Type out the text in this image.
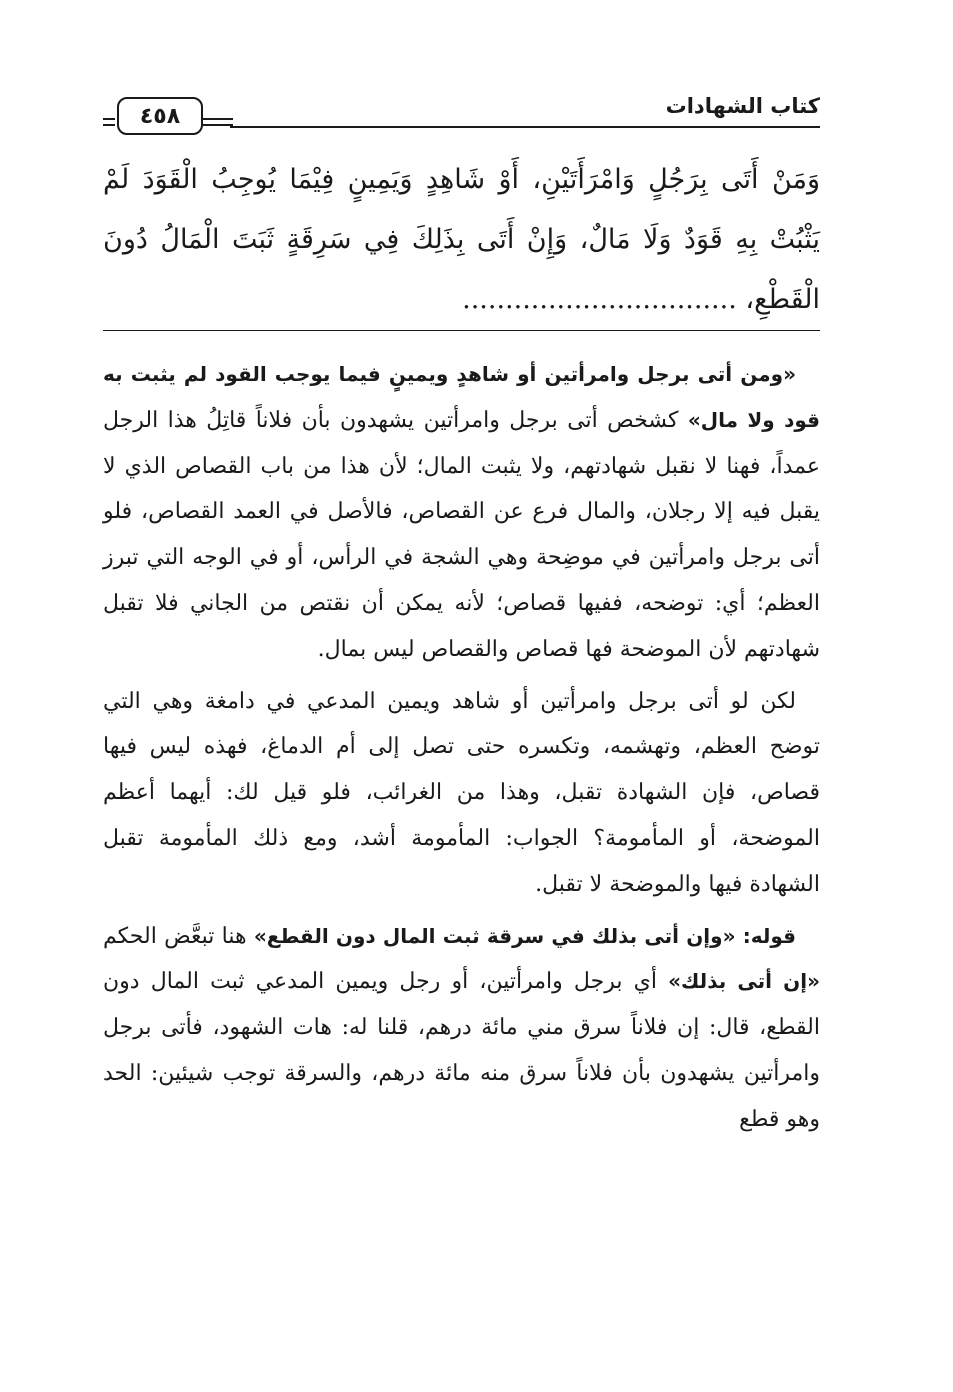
٤٥٨	كتاب الشهادات
وَمَنْ أَتَى بِرَجُلٍ وَامْرَأَتَيْنِ، أَوْ شَاهِدٍ وَيَمِينٍ فِيْمَا يُوجِبُ الْقَوَدَ لَمْ يَثْبُتْ بِهِ قَوَدٌ وَلَا مَالٌ، وَإِنْ أَتَى بِذَلِكَ فِي سَرِقَةٍ ثَبَتَ الْمَالُ دُونَ الْقَطْعِ، ................................

«ومن أتى برجل وامرأتين أو شاهدٍ ويمينٍ فيما يوجب القود لم يثبت به قود ولا مال» كشخص أتى برجل وامرأتين يشهدون بأن فلاناً قاتِلُ هذا الرجل عمداً، فهنا لا نقبل شهادتهم، ولا يثبت المال؛ لأن هذا من باب القصاص الذي لا يقبل فيه إلا رجلان، والمال فرع عن القصاص، فالأصل في العمد القصاص، فلو أتى برجل وامرأتين في موضِحة وهي الشجة في الرأس، أو في الوجه التي تبرز العظم؛ أي: توضحه، ففيها قصاص؛ لأنه يمكن أن نقتص من الجاني فلا تقبل شهادتهم لأن الموضحة فها قصاص والقصاص ليس بمال.

لكن لو أتى برجل وامرأتين أو شاهد ويمين المدعي في دامغة وهي التي توضح العظم، وتهشمه، وتكسره حتى تصل إلى أم الدماغ، فهذه ليس فيها قصاص، فإن الشهادة تقبل، وهذا من الغرائب، فلو قيل لك: أيهما أعظم الموضحة، أو المأمومة؟ الجواب: المأمومة أشد، ومع ذلك المأمومة تقبل الشهادة فيها والموضحة لا تقبل.

قوله: «وإن أتى بذلك في سرقة ثبت المال دون القطع» هنا تبعَّض الحكم «إن أتى بذلك» أي برجل وامرأتين، أو رجل ويمين المدعي ثبت المال دون القطع، قال: إن فلاناً سرق مني مائة درهم، قلنا له: هات الشهود، فأتى برجل وامرأتين يشهدون بأن فلاناً سرق منه مائة درهم، والسرقة توجب شيئين: الحد وهو قطع
